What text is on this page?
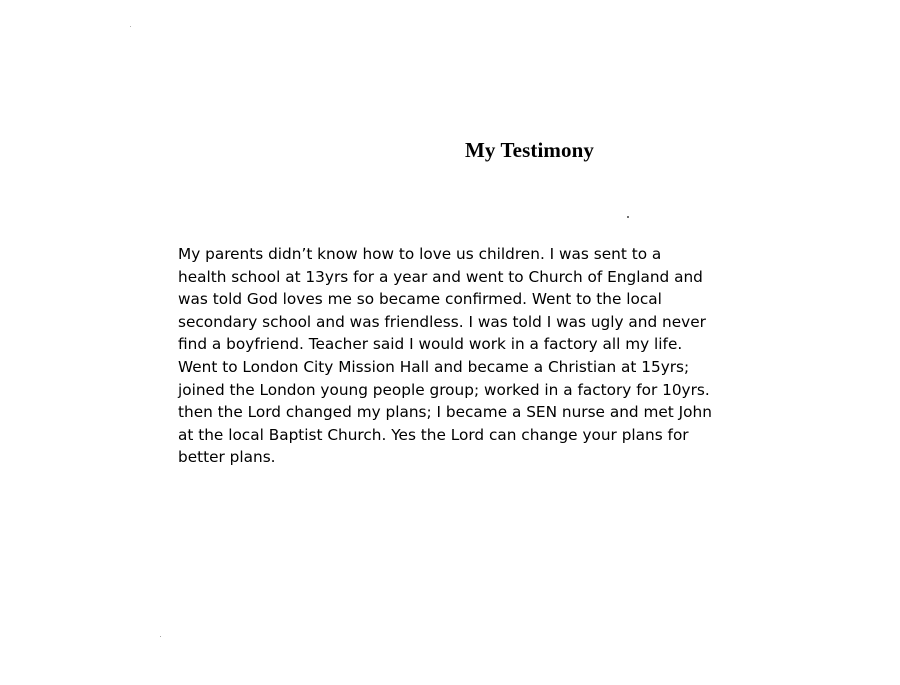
My Testimony
My parents didn’t know how to love us children. I was sent to a
health school at 13yrs for a year and went to Church of England and
was told God loves me so became confirmed. Went to the local
secondary school and was friendless. I was told I was ugly and never
find a boyfriend. Teacher said I would work in a factory all my life.
Went to London City Mission Hall and became a Christian at 15yrs;
joined the London young people group; worked in a factory for 10yrs.
then the Lord changed my plans; I became a SEN nurse and met John
at the local Baptist Church. Yes the Lord can change your plans for
better plans.
